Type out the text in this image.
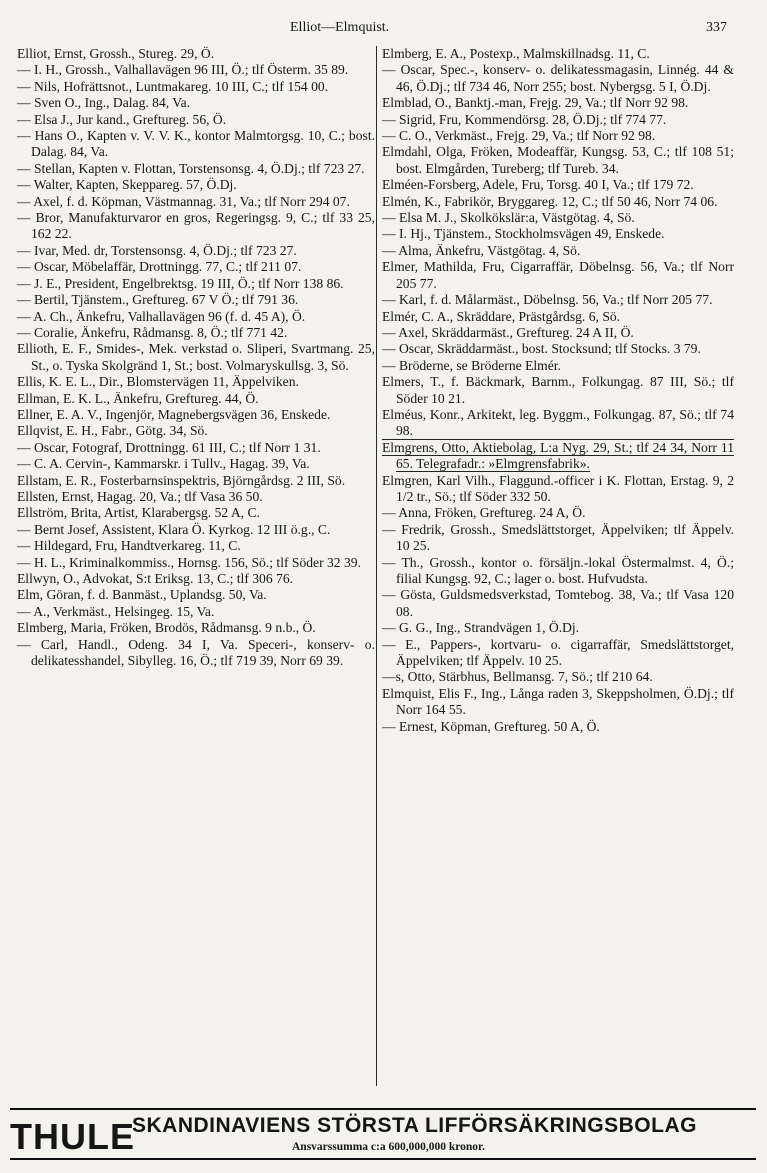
Elliot—Elmquist.	337

Elliot, Ernst, Grossh., Stureg. 29, Ö.

— I. H., Grossh., Valhallavägen 96 III, Ö.; tlf Österm. 35 89.

— Nils, Hofrättsnot., Luntmakareg. 10 III, C.; tlf 154 00.

— Sven O., Ing., Dalag. 84, Va.

— Elsa J., Jur kand., Greftureg. 56, Ö.

— Hans O., Kapten v. V. V. K., kontor Malmtorgsg. 10, C.; bost. Dalag. 84, Va.

— Stellan, Kapten v. Flottan, Torstensonsg. 4, Ö.Dj.; tlf 723 27.

— Walter, Kapten, Skeppareg. 57, Ö.Dj.

— Axel, f. d. Köpman, Västmannag. 31, Va.; tlf Norr 294 07.

— Bror, Manufakturvaror en gros, Regeringsg. 9, C.; tlf 33 25, 162 22.

— Ivar, Med. dr, Torstensonsg. 4, Ö.Dj.; tlf 723 27.

— Oscar, Möbelaffär, Drottningg. 77, C.; tlf 211 07.

— J. E., President, Engelbrektsg. 19 III, Ö.; tlf Norr 138 86.

— Bertil, Tjänstem., Greftureg. 67 V Ö.; tlf 791 36.

— A. Ch., Änkefru, Valhallavägen 96 (f. d. 45 A), Ö.

— Coralie, Änkefru, Rådmansg. 8, Ö.; tlf 771 42.

Ellioth, E. F., Smides-, Mek. verkstad o. Sliperi, Svartmang. 25, St., o. Tyska Skolgränd 1, St.; bost. Volmaryskullsg. 3, Sö.

Ellis, K. E. L., Dir., Blomstervägen 11, Äppelviken.

Ellman, E. K. L., Änkefru, Greftureg. 44, Ö.

Ellner, E. A. V., Ingenjör, Magnebergsvägen 36, Enskede.

Ellqvist, E. H., Fabr., Götg. 34, Sö.

— Oscar, Fotograf, Drottningg. 61 III, C.; tlf Norr 1 31.

— C. A. Cervin-, Kammarskr. i Tullv., Hagag. 39, Va.

Ellstam, E. R., Fosterbarnsinspektris, Björngårdsg. 2 III, Sö.

Ellsten, Ernst, Hagag. 20, Va.; tlf Vasa 36 50.

Ellström, Brita, Artist, Klarabergsg. 52 A, C.

— Bernt Josef, Assistent, Klara Ö. Kyrkog. 12 III ö.g., C.

— Hildegard, Fru, Handtverkareg. 11, C.

— H. L., Kriminalkommiss., Hornsg. 156, Sö.; tlf Söder 32 39.

Ellwyn, O., Advokat, S:t Eriksg. 13, C.; tlf 306 76.

Elm, Göran, f. d. Banmäst., Uplandsg. 50, Va.

— A., Verkmäst., Helsingeg. 15, Va.

Elmberg, Maria, Fröken, Brodös, Rådmansg. 9 n.b., Ö.

— Carl, Handl., Odeng. 34 I, Va. Speceri-, konserv- o. delikatesshandel, Sibylleg. 16, Ö.; tlf 719 39, Norr 69 39.

Elmberg, E. A., Postexp., Malmskillnadsg. 11, C.

— Oscar, Spec.-, konserv- o. delikatessmagasin, Linnég. 44 & 46, Ö.Dj.; tlf 734 46, Norr 255; bost. Nybergsg. 5 I, Ö.Dj.

Elmblad, O., Banktj.-man, Frejg. 29, Va.; tlf Norr 92 98.

— Sigrid, Fru, Kommendörsg. 28, Ö.Dj.; tlf 774 77.

— C. O., Verkmäst., Frejg. 29, Va.; tlf Norr 92 98.

Elmdahl, Olga, Fröken, Modeaffär, Kungsg. 53, C.; tlf 108 51; bost. Elmgården, Tureberg; tlf Tureb. 34.

Elméen-Forsberg, Adele, Fru, Torsg. 40 I, Va.; tlf 179 72.

Elmén, K., Fabrikör, Bryggareg. 12, C.; tlf 50 46, Norr 74 06.

— Elsa M. J., Skolkökslär:a, Västgötag. 4, Sö.

— I. Hj., Tjänstem., Stockholmsvägen 49, Enskede.

— Alma, Änkefru, Västgötag. 4, Sö.

Elmer, Mathilda, Fru, Cigarraffär, Döbelnsg. 56, Va.; tlf Norr 205 77.

— Karl, f. d. Målarmäst., Döbelnsg. 56, Va.; tlf Norr 205 77.

Elmér, C. A., Skräddare, Prästgårdsg. 6, Sö.

— Axel, Skräddarmäst., Greftureg. 24 A II, Ö.

— Oscar, Skräddarmäst., bost. Stocksund; tlf Stocks. 3 79.

— Bröderne, se Bröderne Elmér.

Elmers, T., f. Bäckmark, Barnm., Folkungag. 87 III, Sö.; tlf Söder 10 21.

Elméus, Konr., Arkitekt, leg. Byggm., Folkungag. 87, Sö.; tlf 74 98.

Elmgrens, Otto, Aktiebolag, L:a Nyg. 29, St.; tlf 24 34, Norr 11 65. Telegrafadr.: »Elmgrensfabrik».

Elmgren, Karl Vilh., Flaggund.-officer i K. Flottan, Erstag. 9, 2 1/2 tr., Sö.; tlf Söder 332 50.

— Anna, Fröken, Greftureg. 24 A, Ö.

— Fredrik, Grossh., Smedslättstorget, Äppelviken; tlf Äppelv. 10 25.

— Th., Grossh., kontor o. försäljn.-lokal Östermalmst. 4, Ö.; filial Kungsg. 92, C.; lager o. bost. Hufvudsta.

— Gösta, Guldsmedsverkstad, Tomtebog. 38, Va.; tlf Vasa 120 08.

— G. G., Ing., Strandvägen 1, Ö.Dj.

— E., Pappers-, kortvaru- o. cigarraffär, Smedslättstorget, Äppelviken; tlf Äppelv. 10 25.

—s, Otto, Stärbhus, Bellmansg. 7, Sö.; tlf 210 64.

Elmquist, Elis F., Ing., Långa raden 3, Skeppsholmen, Ö.Dj.; tlf Norr 164 55.

— Ernest, Köpman, Greftureg. 50 A, Ö.

THULE
SKANDINAVIENS STÖRSTA LIFFÖRSÄKRINGSBOLAG
Ansvarssumma c:a 600,000,000 kronor.
